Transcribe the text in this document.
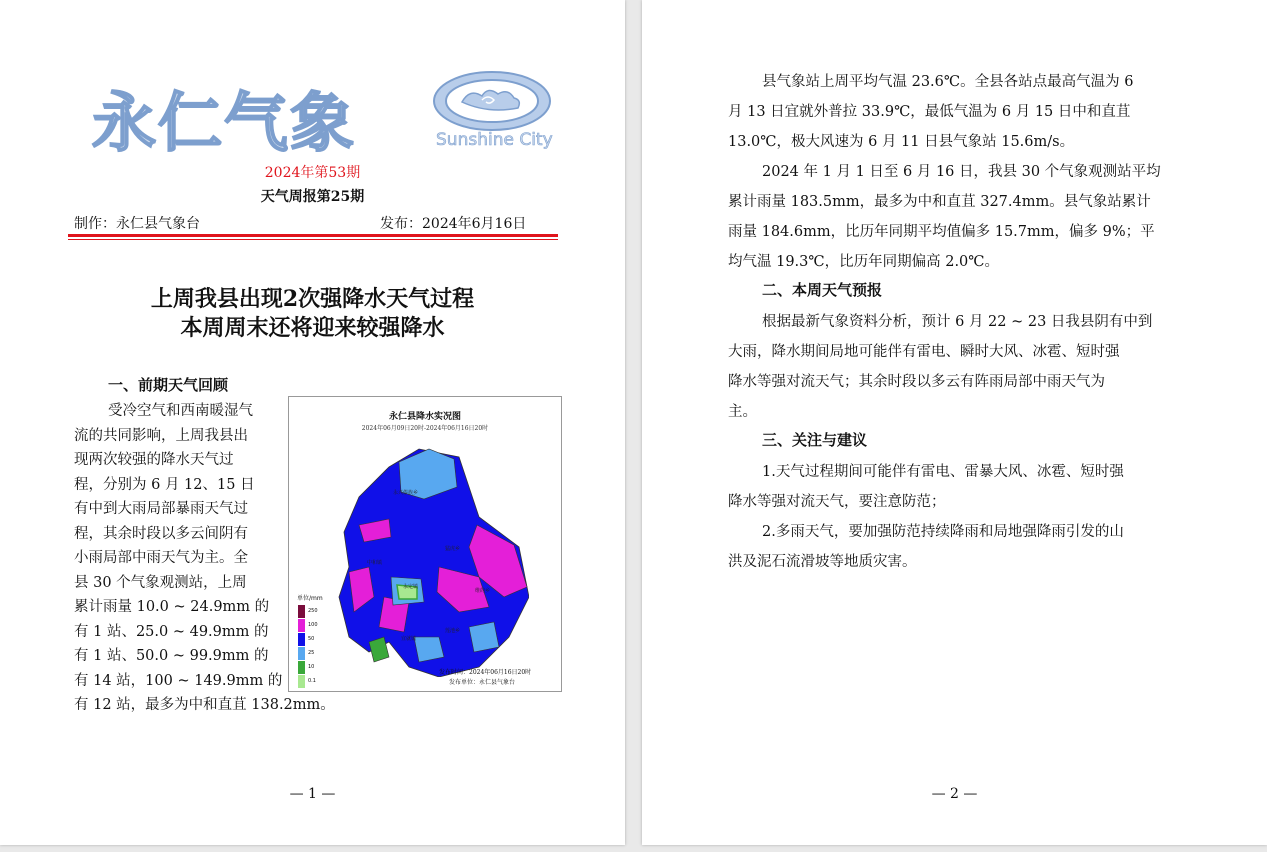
永仁气象	Sunshine City
2024年第53期
天气周报第25期
制作：永仁县气象台	发布：2024年6月16日
上周我县出现2次强降水天气过程
本周周末还将迎来较强降水
一、前期天气回顾
受冷空气和西南暖湿气
流的共同影响，上周我县出
现两次较强的降水天气过
程，分别为 6 月 12、15 日
有中到大雨局部暴雨天气过
程，其余时段以多云间阴有
小雨局部中雨天气为主。全
县 30 个气象观测站，上周
累计雨量 10.0 ~ 24.9mm 的
有 1 站、25.0 ~ 49.9mm 的
有 1 站、50.0 ~ 99.9mm 的
有 14 站，100 ~ 149.9mm 的
有 12 站，最多为中和直苴 138.2mm。
永仁县降水实况图
2024年06月09日20时-2024年06月16日20时
永兴傣族乡
中和镇
猛虎乡
维的乡
永定镇
莲池乡
宜就镇
单位/mm
250
100
50
25
10
0.1
发布时间：2024年06月16日20时
发布单位：永仁县气象台
— 1 —
县气象站上周平均气温 23.6℃。全县各站点最高气温为 6
月 13 日宜就外普拉 33.9℃，最低气温为 6 月 15 日中和直苴
13.0℃，极大风速为 6 月 11 日县气象站 15.6m/s。
2024 年 1 月 1 日至 6 月 16 日，我县 30 个气象观测站平均
累计雨量 183.5mm，最多为中和直苴 327.4mm。县气象站累计
雨量 184.6mm，比历年同期平均值偏多 15.7mm，偏多 9%；平
均气温 19.3℃，比历年同期偏高 2.0℃。
二、本周天气预报
根据最新气象资料分析，预计 6 月 22 ~ 23 日我县阴有中到
大雨，降水期间局地可能伴有雷电、瞬时大风、冰雹、短时强
降水等强对流天气；其余时段以多云有阵雨局部中雨天气为
主。
三、关注与建议
1.天气过程期间可能伴有雷电、雷暴大风、冰雹、短时强
降水等强对流天气，要注意防范；
2.多雨天气，要加强防范持续降雨和局地强降雨引发的山
洪及泥石流滑坡等地质灾害。
— 2 —
